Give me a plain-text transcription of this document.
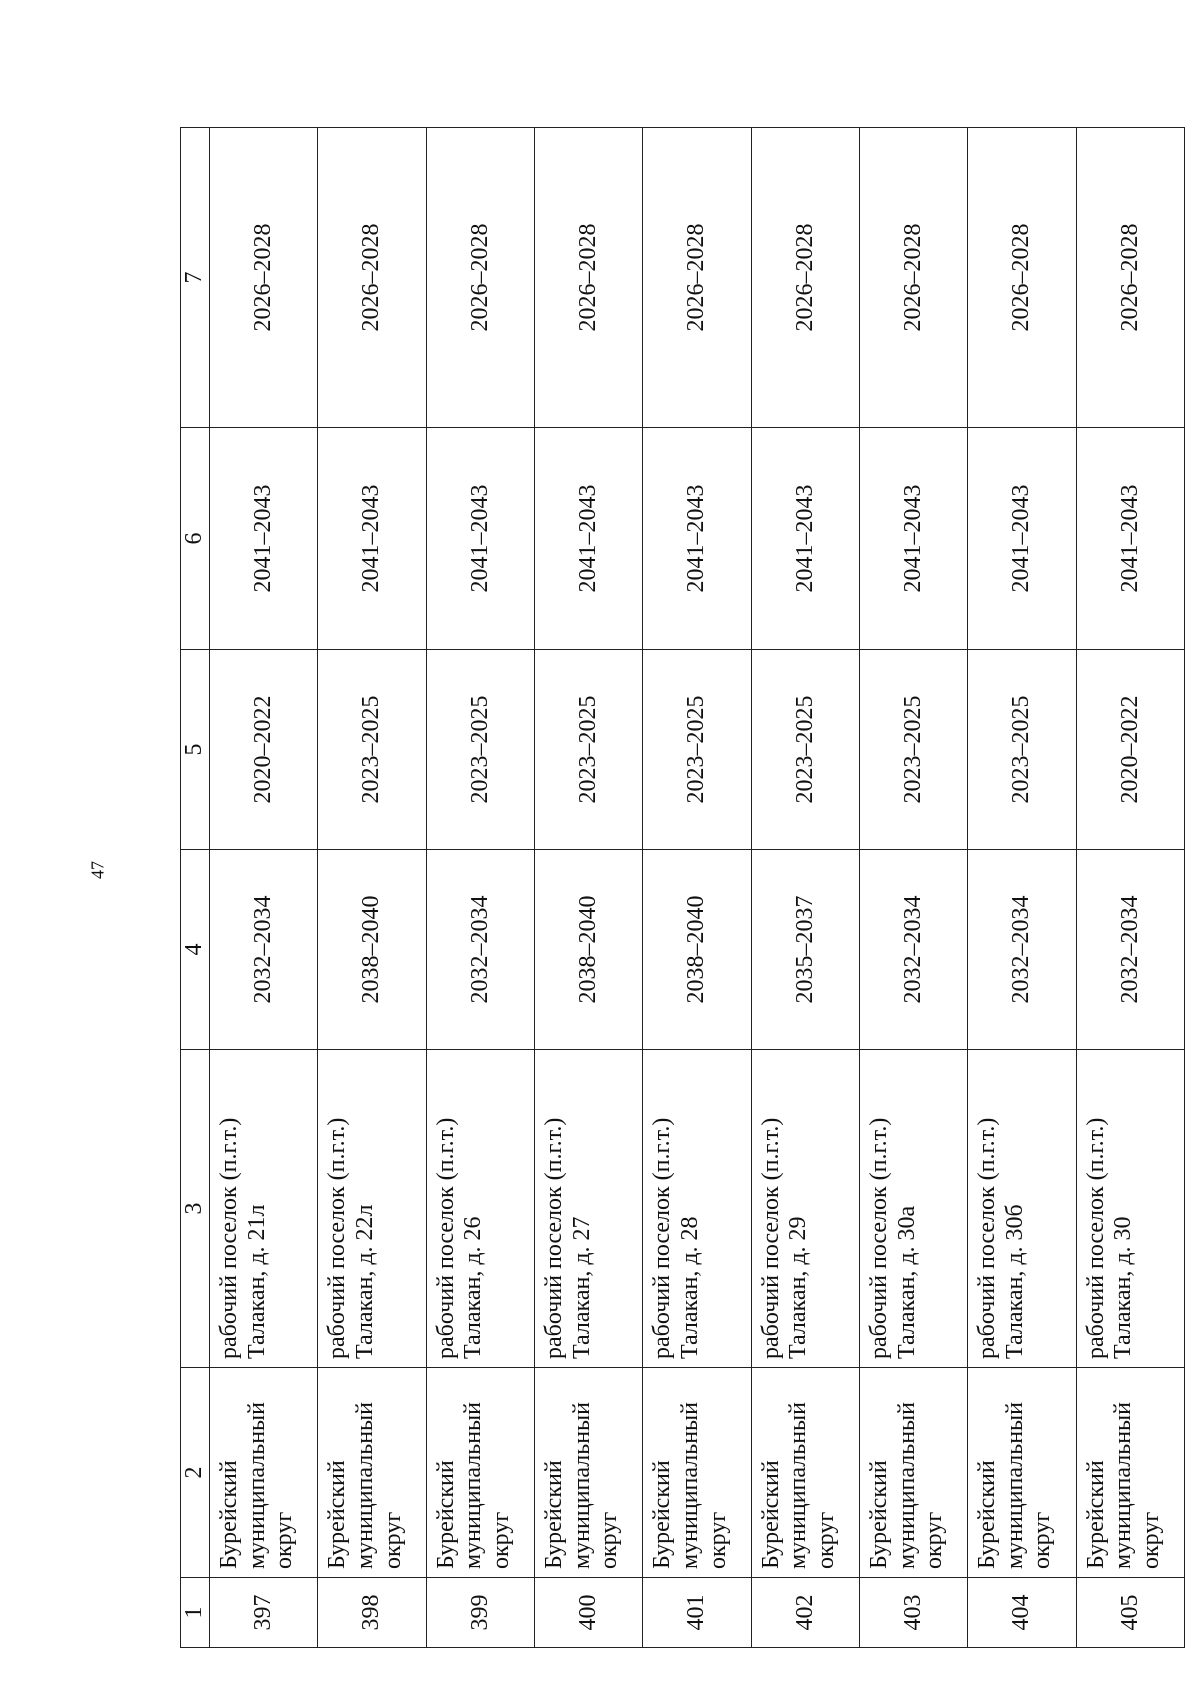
47
1	2	3	4	5	6	7
397	Бурейский муниципальный округ	рабочий поселок (п.г.т.) Талакан, д. 21л	2032–2034	2020–2022	2041–2043	2026–2028
398	Бурейский муниципальный округ	рабочий поселок (п.г.т.) Талакан, д. 22л	2038–2040	2023–2025	2041–2043	2026–2028
399	Бурейский муниципальный округ	рабочий поселок (п.г.т.) Талакан, д. 26	2032–2034	2023–2025	2041–2043	2026–2028
400	Бурейский муниципальный округ	рабочий поселок (п.г.т.) Талакан, д. 27	2038–2040	2023–2025	2041–2043	2026–2028
401	Бурейский муниципальный округ	рабочий поселок (п.г.т.) Талакан, д. 28	2038–2040	2023–2025	2041–2043	2026–2028
402	Бурейский муниципальный округ	рабочий поселок (п.г.т.) Талакан, д. 29	2035–2037	2023–2025	2041–2043	2026–2028
403	Бурейский муниципальный округ	рабочий поселок (п.г.т.) Талакан, д. 30а	2032–2034	2023–2025	2041–2043	2026–2028
404	Бурейский муниципальный округ	рабочий поселок (п.г.т.) Талакан, д. 30б	2032–2034	2023–2025	2041–2043	2026–2028
405	Бурейский муниципальный округ	рабочий поселок (п.г.т.) Талакан, д. 30	2032–2034	2020–2022	2041–2043	2026–2028
